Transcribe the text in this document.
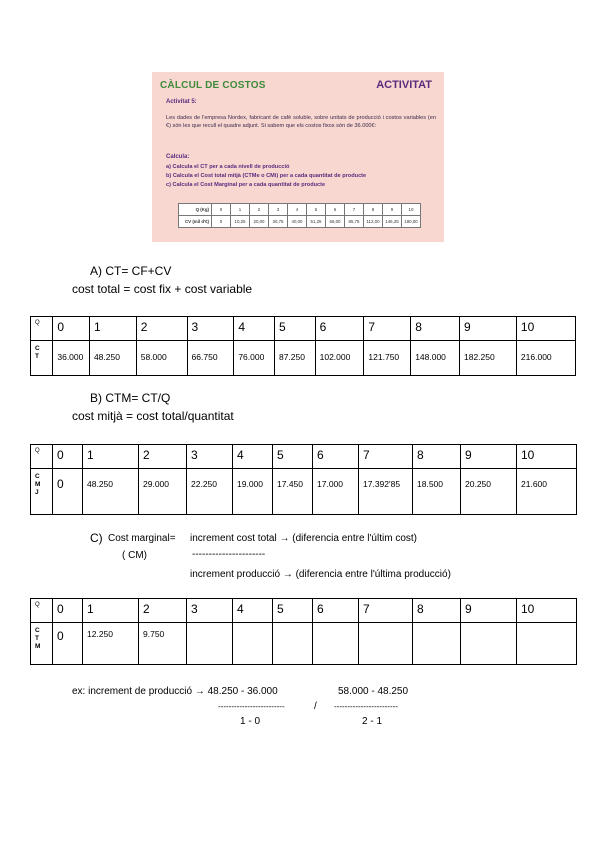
CÀLCUL DE COSTOS	ACTIVITAT
Activitat 5:
Les dades de l'empresa Nordex, fabricant de cafè soluble, sobre unitats de producció i costos variables (en €) són les que recull el quadre adjunt. Si sabem que els costos fixos són de 36.000€:
Calcula:
a) Calcula el CT per a cada nivell de producció
b) Calcula el Cost total mitjà (CTMe o CMi) per a cada quantitat de producte
c) Calcula el Cost Marginal per a cada quantitat de producte
Q (Kg)	0	1	2	3	4	5	6	7	8	9	10
CV (mil d'€)	0	10,25	20,00	30,75	40,00	51,25	66,00	85,75	112,00	146,25	180,00
A) CT= CF+CV
cost total = cost fix + cost variable
Q	0	1	2	3	4	5	6	7	8	9	10
C
T	36.000	48.250	58.000	66.750	76.000	87.250	102.000	121.750	148.000	182.250	216.000
B) CTM= CT/Q
cost mitjà = cost total/quantitat
Q	0	1	2	3	4	5	6	7	8	9	10
C
M
J	0	48.250	29.000	22.250	19.000	17.450	17.000	17.392'85	18.500	20.250	21.600
C) Cost marginal= increment cost total → (diferencia entre l'últim cost)
( CM)	----------------------
increment producció → (diferencia entre l'última producció)
Q	0	1	2	3	4	5	6	7	8	9	10
C
T
M	0	12.250	9.750								
ex: increment de producció → 48.250 - 36.000	58.000 - 48.250
-------------------------	/ ------------------------
1 - 0	2 - 1
